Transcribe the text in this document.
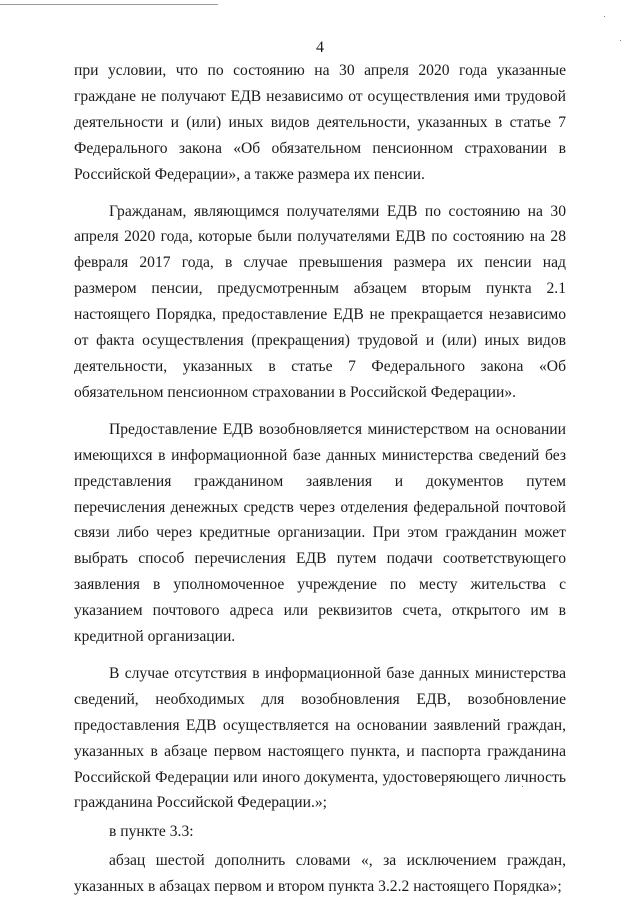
4

при условии, что по состоянию на 30 апреля 2020 года указанные граждане не получают ЕДВ независимо от осуществления ими трудовой деятельности и (или) иных видов деятельности, указанных в статье 7 Федерального закона «Об обязательном пенсионном страховании в Российской Федерации», а также размера их пенсии.

Гражданам, являющимся получателями ЕДВ по состоянию на 30 апреля 2020 года, которые были получателями ЕДВ по состоянию на 28 февраля 2017 года, в случае превышения размера их пенсии над размером пенсии, предусмотренным абзацем вторым пункта 2.1 настоящего Порядка, предоставление ЕДВ не прекращается независимо от факта осуществления (прекращения) трудовой и (или) иных видов деятельности, указанных в статье 7 Федерального закона «Об обязательном пенсионном страховании в Российской Федерации».

Предоставление ЕДВ возобновляется министерством на основании имеющихся в информационной базе данных министерства сведений без представления гражданином заявления и документов путем перечисления денежных средств через отделения федеральной почтовой связи либо через кредитные организации. При этом гражданин может выбрать способ перечисления ЕДВ путем подачи соответствующего заявления в уполномоченное учреждение по месту жительства с указанием почтового адреса или реквизитов счета, открытого им в кредитной организации.

В случае отсутствия в информационной базе данных министерства сведений, необходимых для возобновления ЕДВ, возобновление предоставления ЕДВ осуществляется на основании заявлений граждан, указанных в абзаце первом настоящего пункта, и паспорта гражданина Российской Федерации или иного документа, удостоверяющего личность гражданина Российской Федерации.»;

в пункте 3.3:

абзац шестой дополнить словами «, за исключением граждан, указанных в абзацах первом и втором пункта 3.2.2 настоящего Порядка»;
